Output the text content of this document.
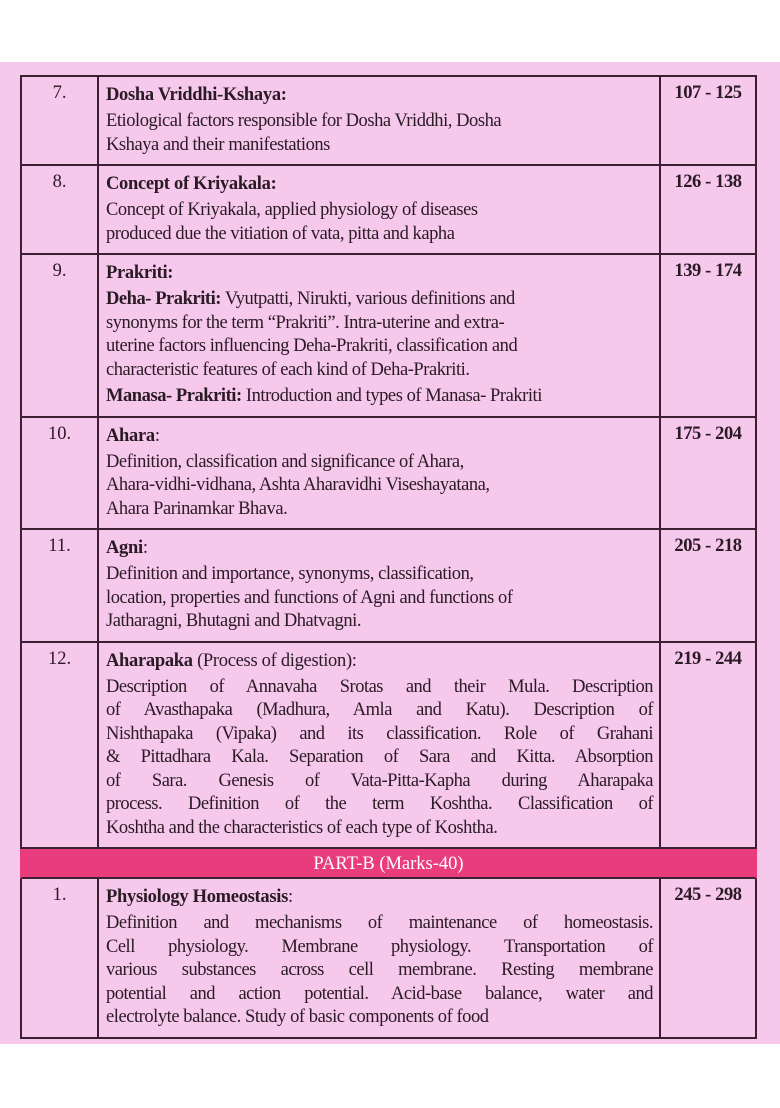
7.	Dosha Vriddhi-Kshaya:
Etiological factors responsible for Dosha Vriddhi, Dosha
Kshaya and their manifestations
107 - 125
8.	Concept of Kriyakala:
Concept of Kriyakala, applied physiology of diseases
produced due the vitiation of vata, pitta and kapha
126 - 138
9.	Prakriti:
Deha- Prakriti: Vyutpatti, Nirukti, various definitions and
synonyms for the term “Prakriti”. Intra-uterine and extra-
uterine factors influencing Deha-Prakriti, classification and
characteristic features of each kind of Deha-Prakriti.
Manasa- Prakriti: Introduction and types of Manasa- Prakriti
139 - 174
10.	Ahara:
Definition, classification and significance of Ahara,
Ahara-vidhi-vidhana, Ashta Aharavidhi Viseshayatana,
Ahara Parinamkar Bhava.
175 - 204
11.	Agni:
Definition and importance, synonyms, classification,
location, properties and functions of Agni and functions of
Jatharagni, Bhutagni and Dhatvagni.
205 - 218
12.	Aharapaka (Process of digestion):
Description of Annavaha Srotas and their Mula. Description
of Avasthapaka (Madhura, Amla and Katu). Description of
Nishthapaka (Vipaka) and its classification. Role of Grahani
& Pittadhara Kala. Separation of Sara and Kitta. Absorption
of Sara. Genesis of Vata-Pitta-Kapha during Aharapaka
process. Definition of the term Koshtha. Classification of
Koshtha and the characteristics of each type of Koshtha.
219 - 244
PART-B (Marks-40)
1.	Physiology Homeostasis:
Definition and mechanisms of maintenance of homeostasis.
Cell physiology. Membrane physiology. Transportation of
various substances across cell membrane. Resting membrane
potential and action potential. Acid-base balance, water and
electrolyte balance. Study of basic components of food
245 - 298
